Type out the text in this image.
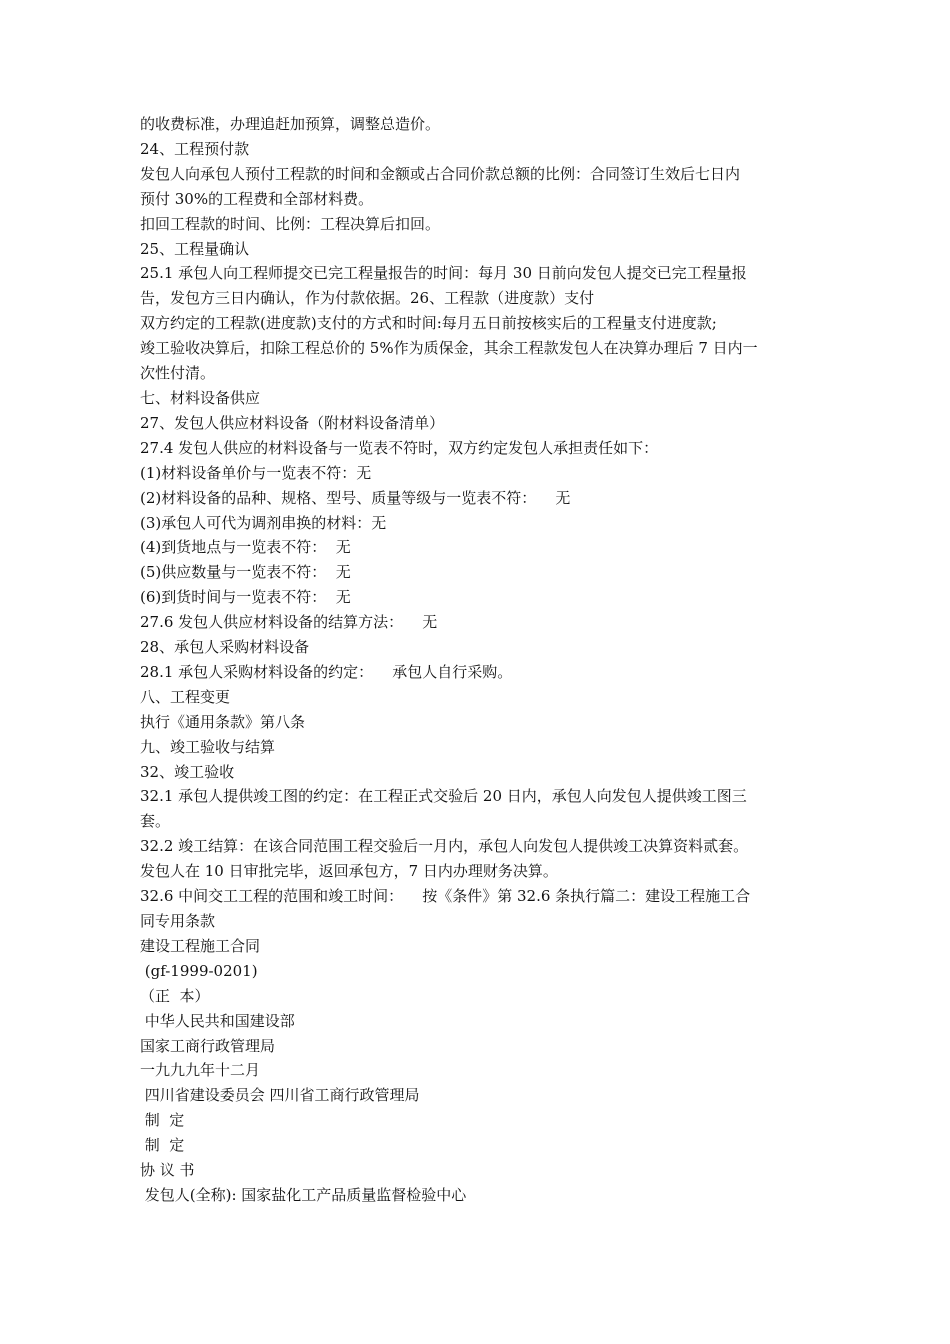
的收费标准，办理追赶加预算，调整总造价。

24、工程预付款

发包人向承包人预付工程款的时间和金额或占合同价款总额的比例：合同签订生效后七日内

预付 30%的工程费和全部材料费。

扣回工程款的时间、比例：工程决算后扣回。

25、工程量确认

25.1 承包人向工程师提交已完工程量报告的时间：每月 30 日前向发包人提交已完工程量报

告，发包方三日内确认，作为付款依据。26、工程款（进度款）支付

双方约定的工程款(进度款)支付的方式和时间:每月五日前按核实后的工程量支付进度款;

竣工验收决算后，扣除工程总价的 5%作为质保金，其余工程款发包人在决算办理后 7 日内一

次性付清。

七、材料设备供应

27、发包人供应材料设备（附材料设备清单）

27.4 发包人供应的材料设备与一览表不符时，双方约定发包人承担责任如下：

(1)材料设备单价与一览表不符：无

(2)材料设备的品种、规格、型号、质量等级与一览表不符：    无

(3)承包人可代为调剂串换的材料：无

(4)到货地点与一览表不符：  无

(5)供应数量与一览表不符：  无

(6)到货时间与一览表不符：  无

27.6 发包人供应材料设备的结算方法：    无

28、承包人采购材料设备

28.1 承包人采购材料设备的约定：    承包人自行采购。

八、工程变更

执行《通用条款》第八条

九、竣工验收与结算

32、竣工验收

32.1 承包人提供竣工图的约定：在工程正式交验后 20 日内，承包人向发包人提供竣工图三

套。

32.2 竣工结算：在该合同范围工程交验后一月内，承包人向发包人提供竣工决算资料贰套。

发包人在 10 日审批完毕，返回承包方，7 日内办理财务决算。

32.6 中间交工工程的范围和竣工时间：    按《条件》第 32.6 条执行篇二：建设工程施工合

同专用条款

建设工程施工合同

(gf-1999-0201)

（正  本）

中华人民共和国建设部

国家工商行政管理局

一九九九年十二月

四川省建设委员会 四川省工商行政管理局

制  定

制  定

协 议 书

发包人(全称): 国家盐化工产品质量监督检验中心
